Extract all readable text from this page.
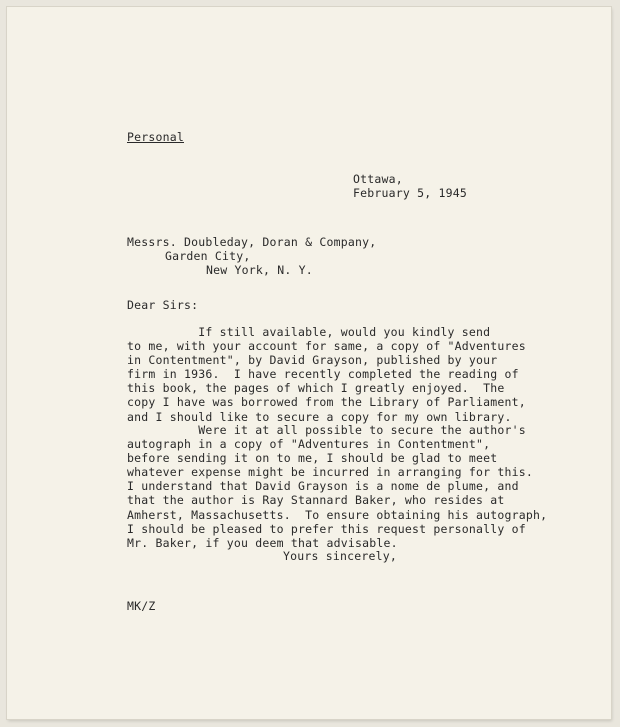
Personal
Ottawa,
February 5, 1945
Messrs. Doubleday, Doran & Company,
Garden City,
New York, N. Y.
Dear Sirs:
If still available, would you kindly send
to me, with your account for same, a copy of "Adventures
in Contentment", by David Grayson, published by your
firm in 1936.  I have recently completed the reading of
this book, the pages of which I greatly enjoyed.  The
copy I have was borrowed from the Library of Parliament,
and I should like to secure a copy for my own library.
Were it at all possible to secure the author's
autograph in a copy of "Adventures in Contentment",
before sending it on to me, I should be glad to meet
whatever expense might be incurred in arranging for this.
I understand that David Grayson is a nome de plume, and
that the author is Ray Stannard Baker, who resides at
Amherst, Massachusetts.  To ensure obtaining his autograph,
I should be pleased to prefer this request personally of
Mr. Baker, if you deem that advisable.
Yours sincerely,
MK/Z
